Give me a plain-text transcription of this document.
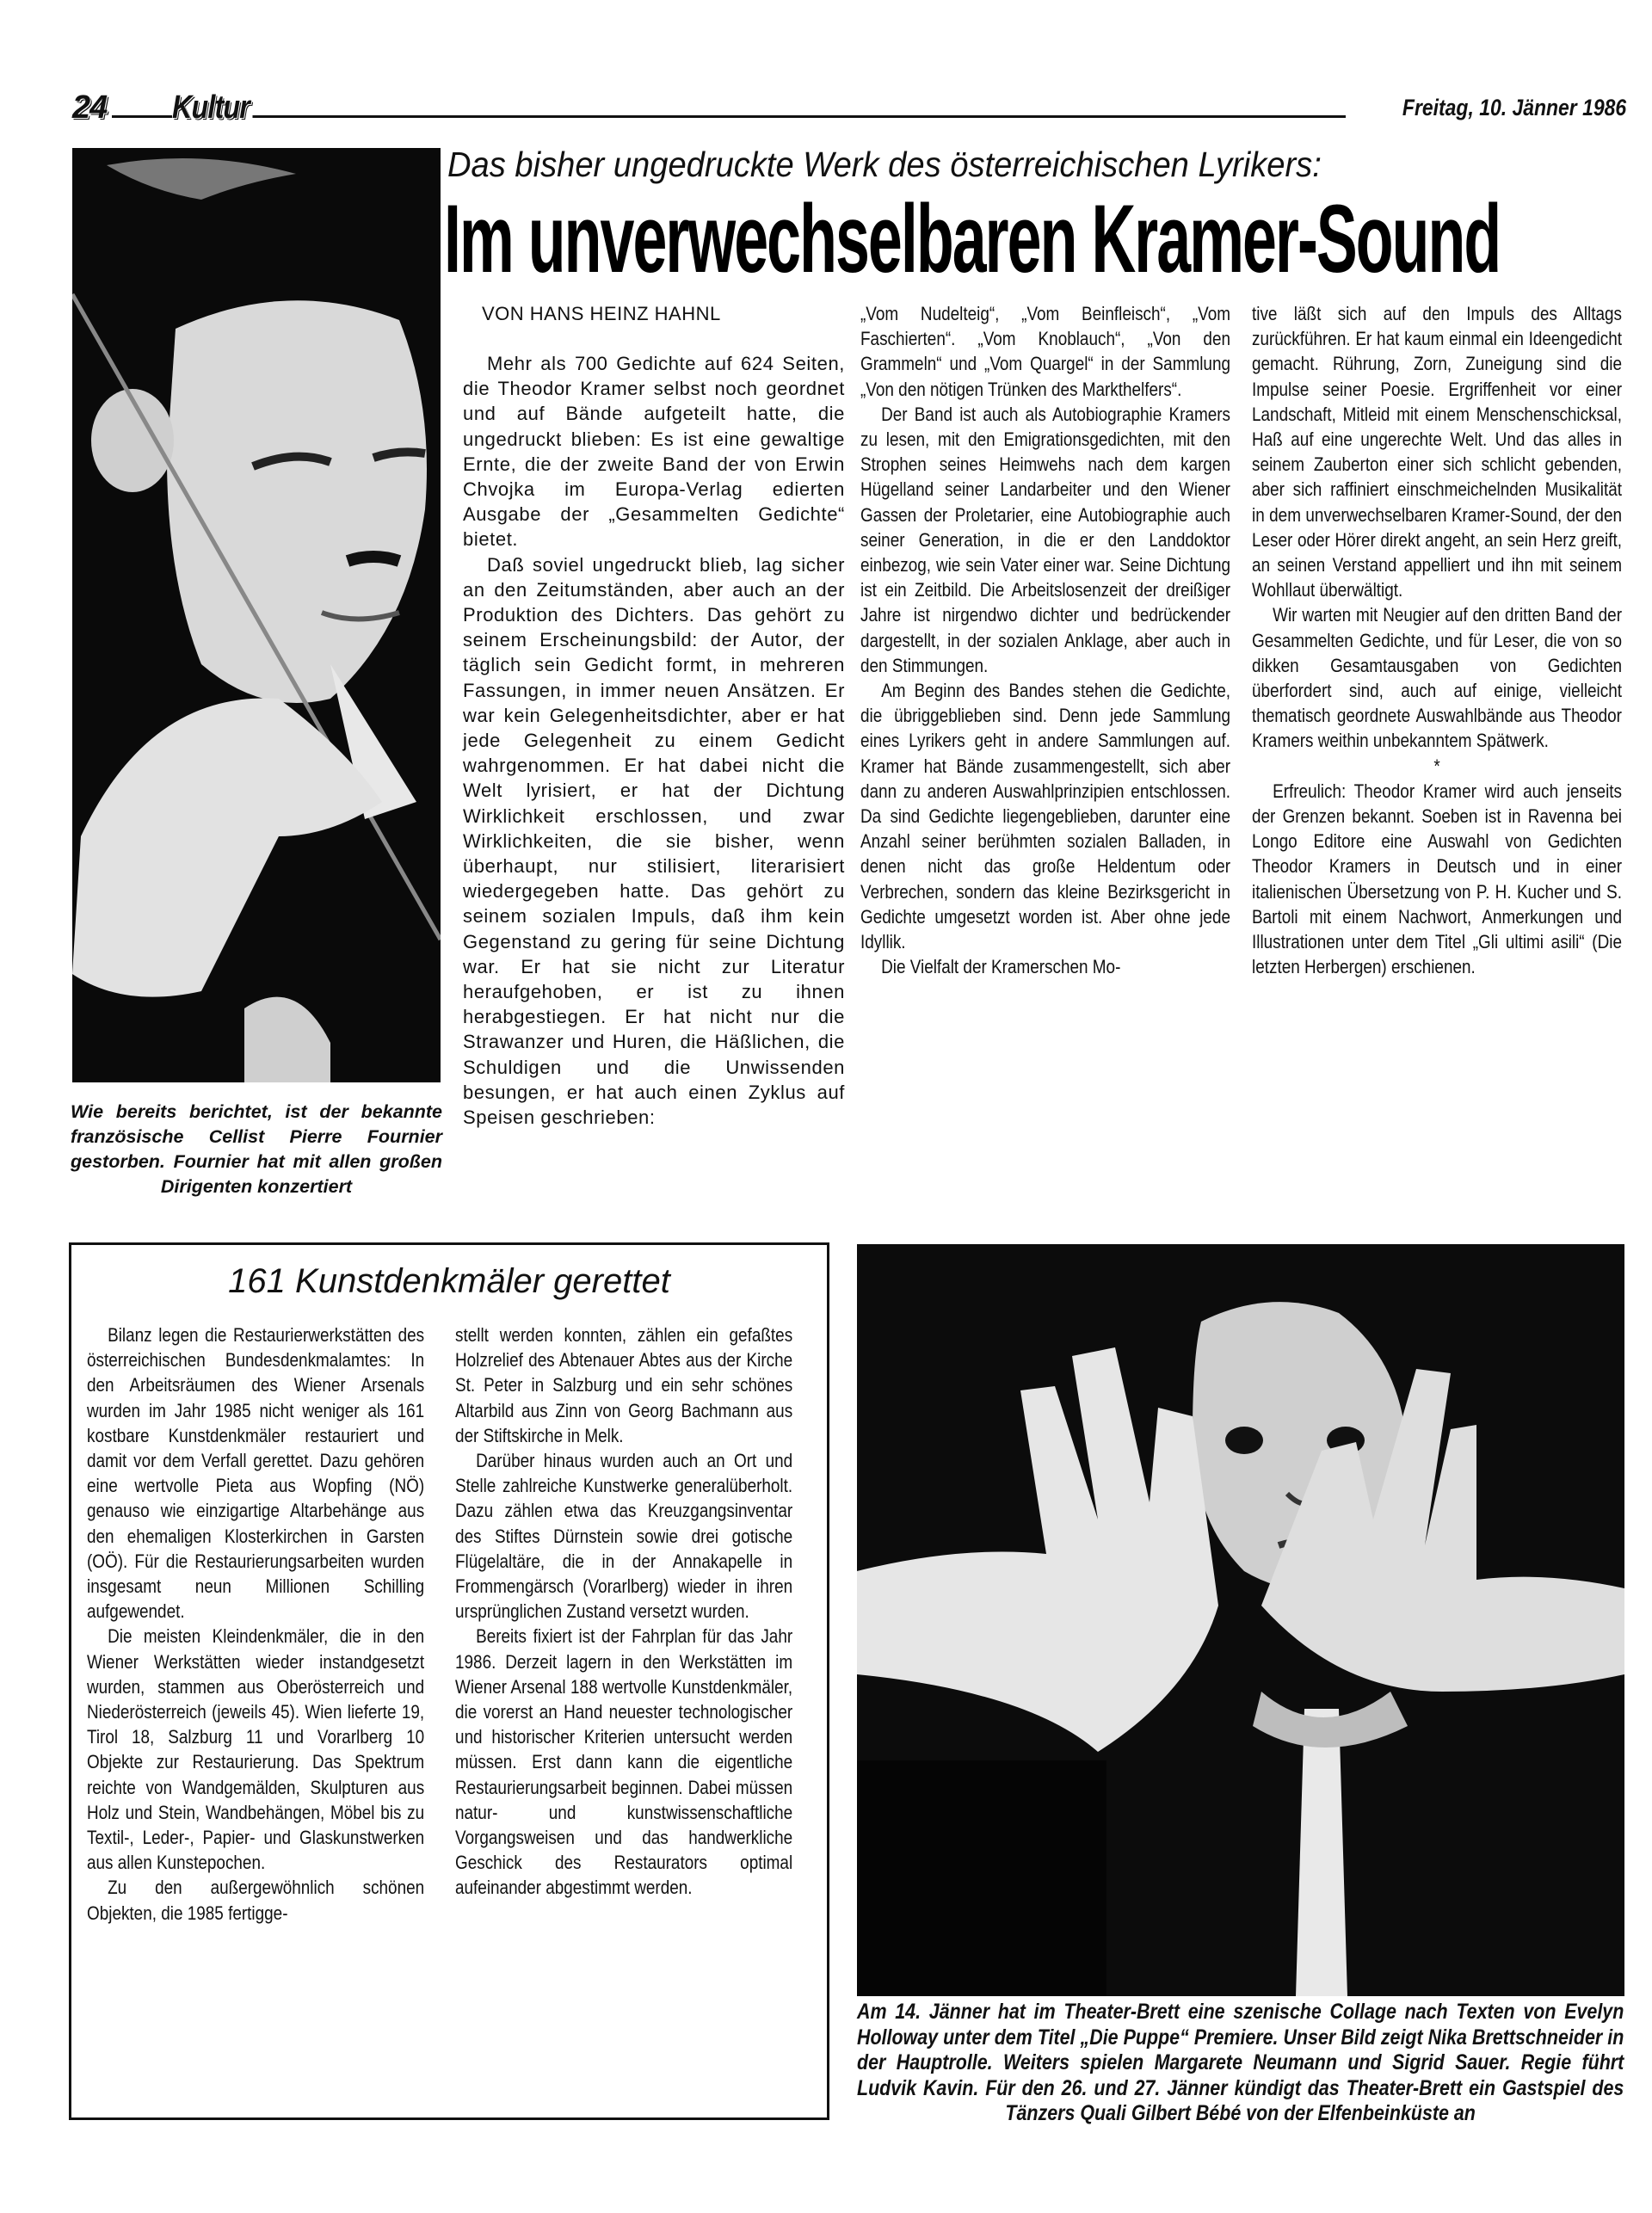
24 Kultur	Freitag, 10. Jänner 1986
Wie bereits berichtet, ist der bekannte französische Cellist Pierre Fournier gestorben. Fournier hat mit allen großen Dirigenten konzertiert
Das bisher ungedruckte Werk des österreichischen Lyrikers:
Im unverwechselbaren Kramer-Sound
VON HANS HEINZ HAHNL

Mehr als 700 Gedichte auf 624 Seiten, die Theodor Kramer selbst noch geordnet und auf Bände aufgeteilt hatte, die ungedruckt blieben: Es ist eine gewaltige Ernte, die der zweite Band der von Erwin Chvojka im Europa-Verlag edierten Ausgabe der „Gesammelten Gedichte“ bietet.

Daß soviel ungedruckt blieb, lag sicher an den Zeitumständen, aber auch an der Produktion des Dichters. Das gehört zu seinem Erscheinungsbild: der Autor, der täglich sein Gedicht formt, in mehreren Fassungen, in immer neuen Ansätzen. Er war kein Gelegenheitsdichter, aber er hat jede Gelegenheit zu einem Gedicht wahrgenommen. Er hat dabei nicht die Welt lyrisiert, er hat der Dichtung Wirklichkeit erschlossen, und zwar Wirklichkeiten, die sie bisher, wenn überhaupt, nur stilisiert, literarisiert wiedergegeben hatte. Das gehört zu seinem sozialen Impuls, daß ihm kein Gegenstand zu gering für seine Dichtung war. Er hat sie nicht zur Literatur heraufgehoben, er ist zu ihnen herabgestiegen. Er hat nicht nur die Strawanzer und Huren, die Häßlichen, die Schuldigen und die Unwissenden besungen, er hat auch einen Zyklus auf Speisen geschrieben:

„Vom Nudelteig“, „Vom Beinfleisch“, „Vom Faschierten“. „Vom Knoblauch“, „Von den Grammeln“ und „Vom Quargel“ in der Sammlung „Von den nötigen Trünken des Markthelfers“.

Der Band ist auch als Autobiographie Kramers zu lesen, mit den Emigrationsgedichten, mit den Strophen seines Heimwehs nach dem kargen Hügelland seiner Landarbeiter und den Wiener Gassen der Proletarier, eine Autobiographie auch seiner Generation, in die er den Landdoktor einbezog, wie sein Vater einer war. Seine Dichtung ist ein Zeitbild. Die Arbeitslosenzeit der dreißiger Jahre ist nirgendwo dichter und bedrückender dargestellt, in der sozialen Anklage, aber auch in den Stimmungen.

Am Beginn des Bandes stehen die Gedichte, die übriggeblieben sind. Denn jede Sammlung eines Lyrikers geht in andere Sammlungen auf. Kramer hat Bände zusammengestellt, sich aber dann zu anderen Auswahlprinzipien entschlossen. Da sind Gedichte liegengeblieben, darunter eine Anzahl seiner berühmten sozialen Balladen, in denen nicht das große Heldentum oder Verbrechen, sondern das kleine Bezirksgericht in Gedichte umgesetzt worden ist. Aber ohne jede Idyllik.

Die Vielfalt der Kramerschen Mo-

tive läßt sich auf den Impuls des Alltags zurückführen. Er hat kaum einmal ein Ideengedicht gemacht. Rührung, Zorn, Zuneigung sind die Impulse seiner Poesie. Ergriffenheit vor einer Landschaft, Mitleid mit einem Menschenschicksal, Haß auf eine ungerechte Welt. Und das alles in seinem Zauberton einer sich schlicht gebenden, aber sich raffiniert einschmeichelnden Musikalität in dem unverwechselbaren Kramer-Sound, der den Leser oder Hörer direkt angeht, an sein Herz greift, an seinen Verstand appelliert und ihn mit seinem Wohllaut überwältigt.

Wir warten mit Neugier auf den dritten Band der Gesammelten Gedichte, und für Leser, die von so dikken Gesamtausgaben von Gedichten überfordert sind, auch auf einige, vielleicht thematisch geordnete Auswahlbände aus Theodor Kramers weithin unbekanntem Spätwerk.

*

Erfreulich: Theodor Kramer wird auch jenseits der Grenzen bekannt. Soeben ist in Ravenna bei Longo Editore eine Auswahl von Gedichten Theodor Kramers in Deutsch und in einer italienischen Übersetzung von P. H. Kucher und S. Bartoli mit einem Nachwort, Anmerkungen und Illustrationen unter dem Titel „Gli ultimi asili“ (Die letzten Herbergen) erschienen.

161 Kunstdenkmäler gerettet

Bilanz legen die Restaurierwerkstätten des österreichischen Bundesdenkmalamtes: In den Arbeitsräumen des Wiener Arsenals wurden im Jahr 1985 nicht weniger als 161 kostbare Kunstdenkmäler restauriert und damit vor dem Verfall gerettet. Dazu gehören eine wertvolle Pieta aus Wopfing (NÖ) genauso wie einzigartige Altarbehänge aus den ehemaligen Klosterkirchen in Garsten (OÖ). Für die Restaurierungsarbeiten wurden insgesamt neun Millionen Schilling aufgewendet.

Die meisten Kleindenkmäler, die in den Wiener Werkstätten wieder instandgesetzt wurden, stammen aus Oberösterreich und Niederösterreich (jeweils 45). Wien lieferte 19, Tirol 18, Salzburg 11 und Vorarlberg 10 Objekte zur Restaurierung. Das Spektrum reichte von Wandgemälden, Skulpturen aus Holz und Stein, Wandbehängen, Möbel bis zu Textil-, Leder-, Papier- und Glaskunstwerken aus allen Kunstepochen.

Zu den außergewöhnlich schönen Objekten, die 1985 fertigge-

stellt werden konnten, zählen ein gefaßtes Holzrelief des Abtenauer Abtes aus der Kirche St. Peter in Salzburg und ein sehr schönes Altarbild aus Zinn von Georg Bachmann aus der Stiftskirche in Melk.

Darüber hinaus wurden auch an Ort und Stelle zahlreiche Kunstwerke generalüberholt. Dazu zählen etwa das Kreuzgangsinventar des Stiftes Dürnstein sowie drei gotische Flügelaltäre, die in der Annakapelle in Frommengärsch (Vorarlberg) wieder in ihren ursprünglichen Zustand versetzt wurden.

Bereits fixiert ist der Fahrplan für das Jahr 1986. Derzeit lagern in den Werkstätten im Wiener Arsenal 188 wertvolle Kunstdenkmäler, die vorerst an Hand neuester technologischer und historischer Kriterien untersucht werden müssen. Erst dann kann die eigentliche Restaurierungsarbeit beginnen. Dabei müssen natur- und kunstwissenschaftliche Vorgangsweisen und das handwerkliche Geschick des Restaurators optimal aufeinander abgestimmt werden.

Am 14. Jänner hat im Theater-Brett eine szenische Collage nach Texten von Evelyn Holloway unter dem Titel „Die Puppe“ Premiere. Unser Bild zeigt Nika Brettschneider in der Hauptrolle. Weiters spielen Margarete Neumann und Sigrid Sauer. Regie führt Ludvik Kavin. Für den 26. und 27. Jänner kündigt das Theater-Brett ein Gastspiel des Tänzers Quali Gilbert Bébé von der Elfenbeinküste an
